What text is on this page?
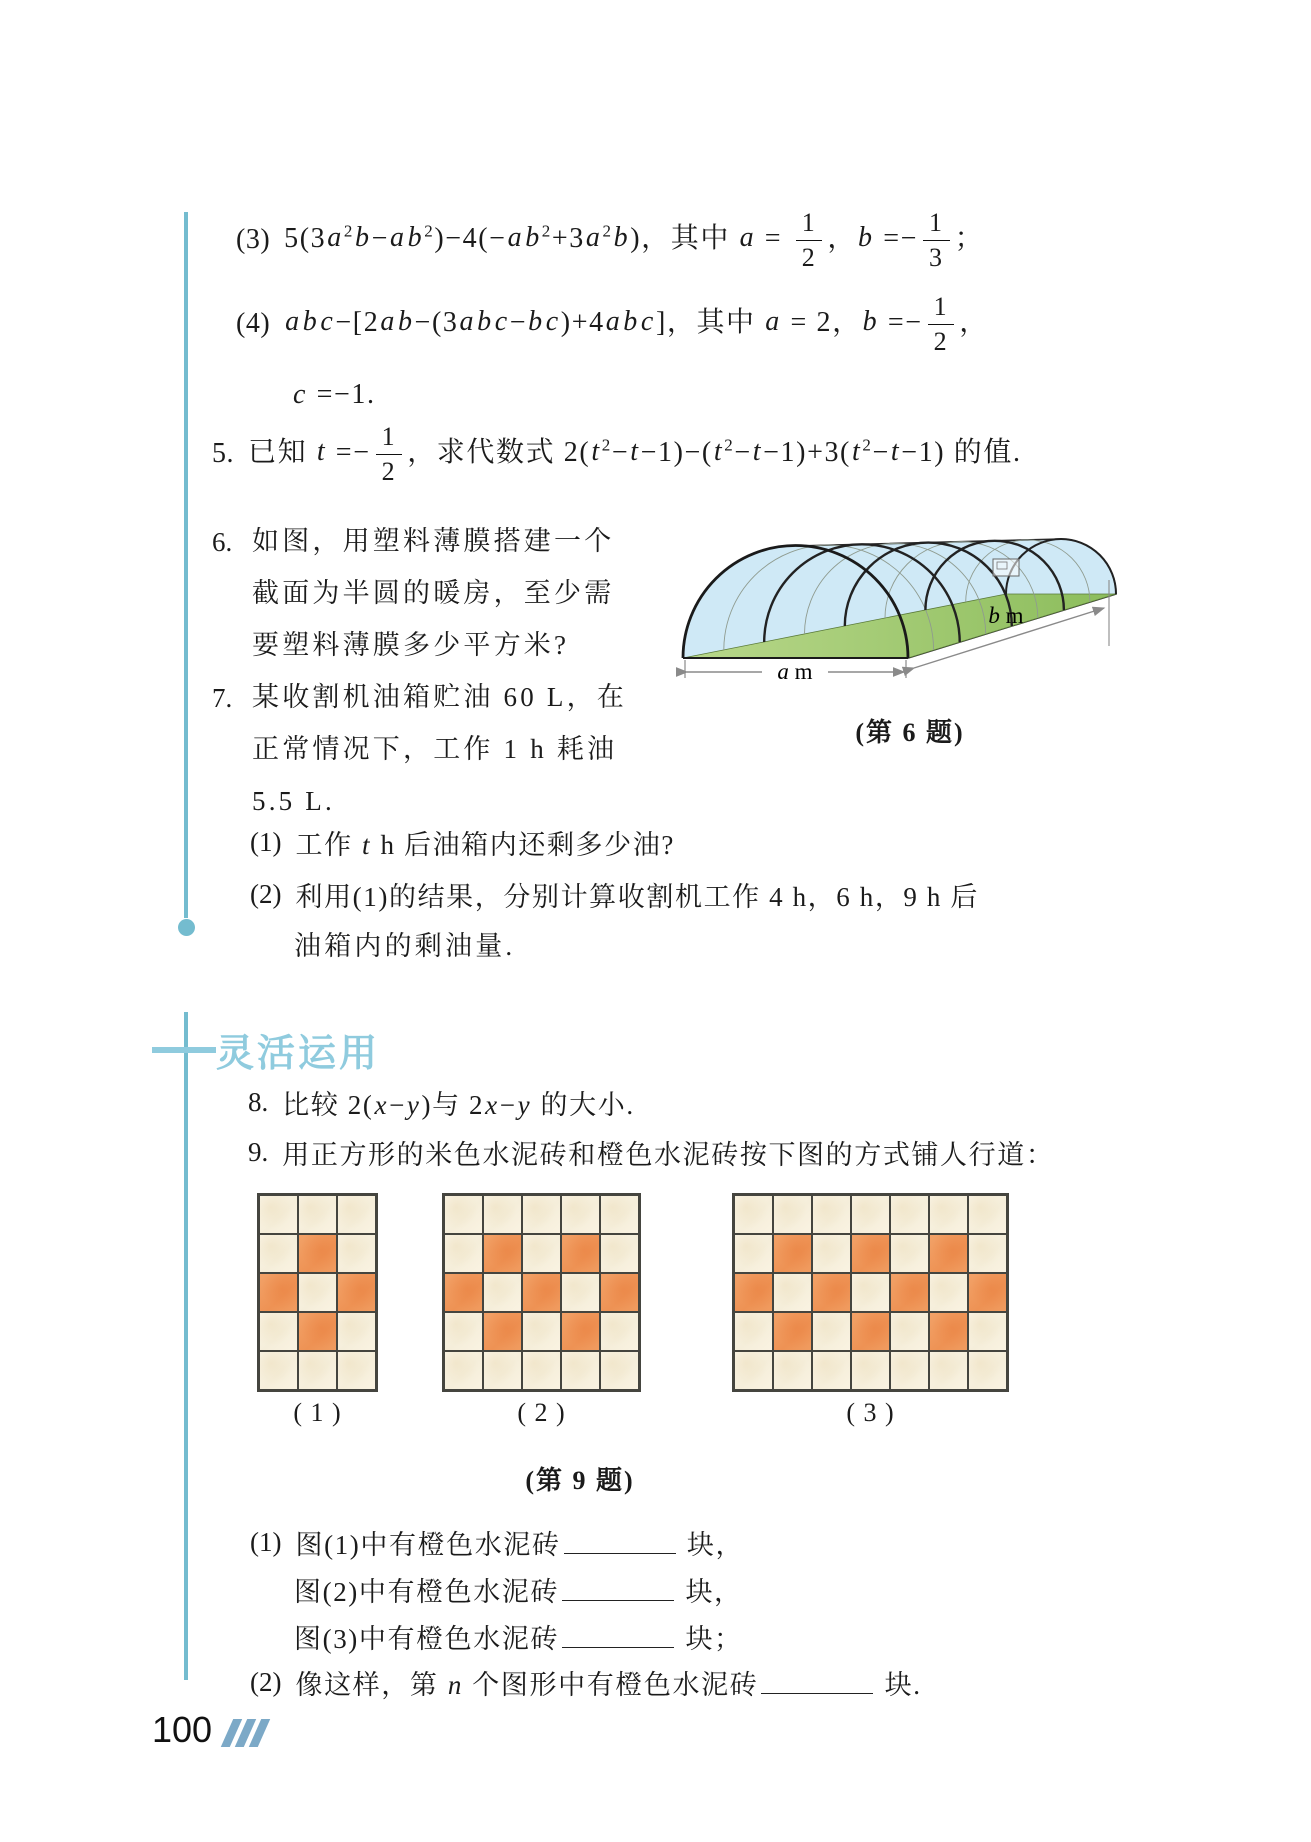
(3) $5(3a^2b-ab^2)-4(-ab^2+3a^2b)$，其中 $a = \frac{1}{2}$ ，$b =- \frac{1}{3}$ ；
(4) abc−[2ab−(3abc−bc)+4abc]，其中 a = 2，$b =- \frac{1}{2}$ ，
c =−1.
5. 已知 $t =- \frac{1}{2}$ ，求代数式 $2(t^2-t-1)-(t^2-t-1)+3(t^2-t-1)$ 的值.
6. 如图，用塑料薄膜搭建一个
截面为半圆的暖房，至少需
要塑料薄膜多少平方米?
a m
b m
(第 6 题)
7. 某收割机油箱贮油 60 L，在
正常情况下，工作 1 h 耗油
5.5 L.
(1) 工作 t h 后油箱内还剩多少油?
(2) 利用(1)的结果，分别计算收割机工作 4 h，6 h，9 h 后
油箱内的剩油量.
灵活运用
8. 比较 2(x−y)与 2x−y 的大小.
9. 用正方形的米色水泥砖和橙色水泥砖按下图的方式铺人行道：
( 1 )	( 2 )	( 3 )
(第 9 题)
(1) 图(1)中有橙色水泥砖	块，
图(2)中有橙色水泥砖	块，
图(3)中有橙色水泥砖	块；
(2) 像这样，第 n 个图形中有橙色水泥砖	块.
100
